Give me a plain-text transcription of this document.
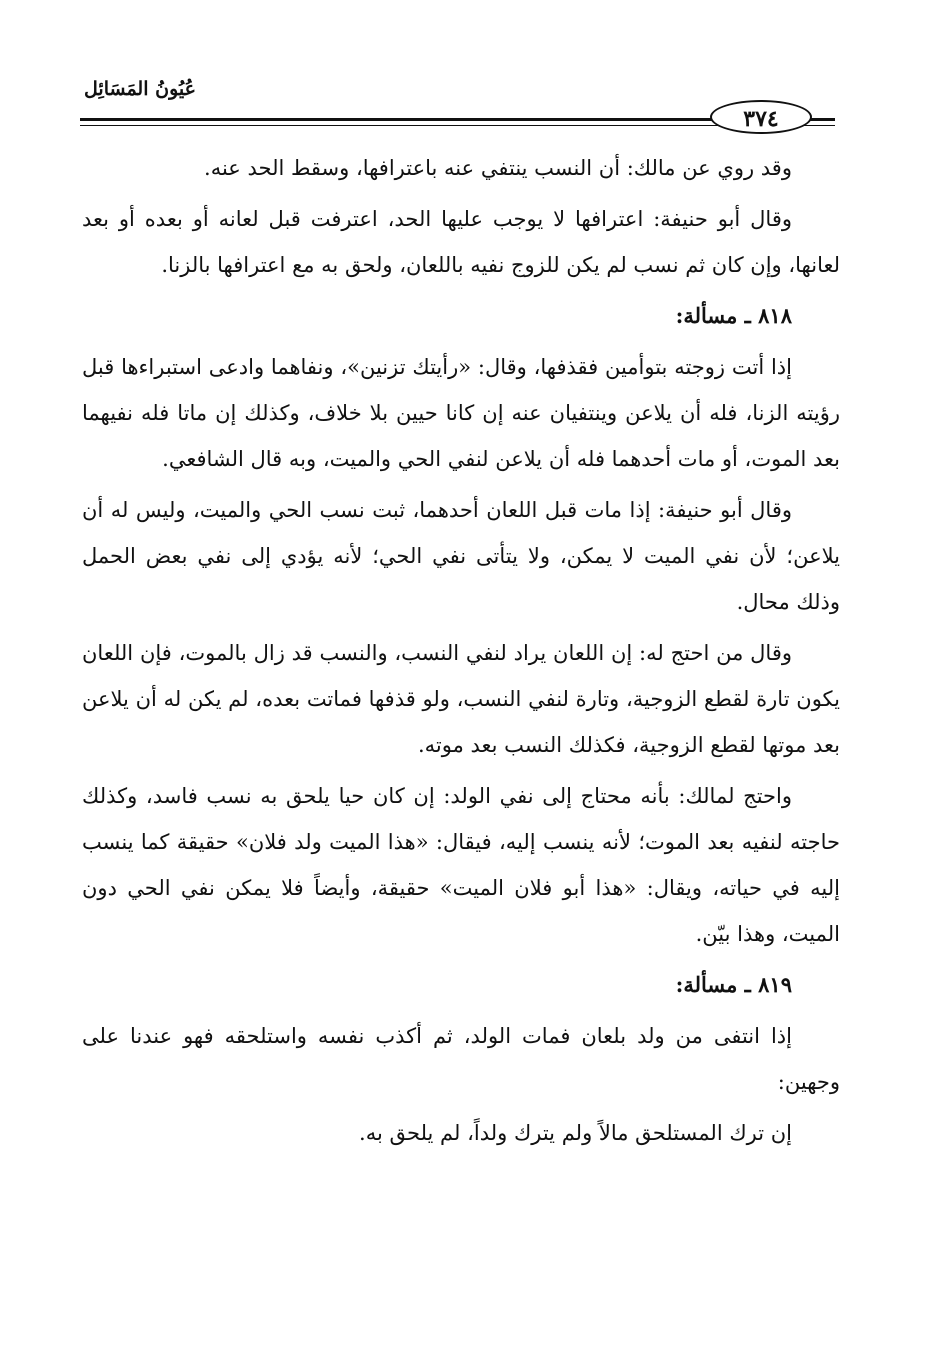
عُيُونُ المَسَائِل
٣٧٤

وقد روي عن مالك: أن النسب ينتفي عنه باعترافها، وسقط الحد عنه.

وقال أبو حنيفة: اعترافها لا يوجب عليها الحد، اعترفت قبل لعانه أو بعده أو بعد لعانها، وإن كان ثم نسب لم يكن للزوج نفيه باللعان، ولحق به مع اعترافها بالزنا.

٨١٨ ـ مسألة:

إذا أتت زوجته بتوأمين فقذفها، وقال: «رأيتك تزنين»، ونفاهما وادعى استبراءها قبل رؤيته الزنا، فله أن يلاعن وينتفيان عنه إن كانا حيين بلا خلاف، وكذلك إن ماتا فله نفيهما بعد الموت، أو مات أحدهما فله أن يلاعن لنفي الحي والميت، وبه قال الشافعي.

وقال أبو حنيفة: إذا مات قبل اللعان أحدهما، ثبت نسب الحي والميت، وليس له أن يلاعن؛ لأن نفي الميت لا يمكن، ولا يتأتى نفي الحي؛ لأنه يؤدي إلى نفي بعض الحمل وذلك محال.

وقال من احتج له: إن اللعان يراد لنفي النسب، والنسب قد زال بالموت، فإن اللعان يكون تارة لقطع الزوجية، وتارة لنفي النسب، ولو قذفها فماتت بعده، لم يكن له أن يلاعن بعد موتها لقطع الزوجية، فكذلك النسب بعد موته.

واحتج لمالك: بأنه محتاج إلى نفي الولد: إن كان حيا يلحق به نسب فاسد، وكذلك حاجته لنفيه بعد الموت؛ لأنه ينسب إليه، فيقال: «هذا الميت ولد فلان» حقيقة كما ينسب إليه في حياته، ويقال: «هذا أبو فلان الميت» حقيقة، وأيضاً فلا يمكن نفي الحي دون الميت، وهذا بيّن.

٨١٩ ـ مسألة:

إذا انتفى من ولد بلعان فمات الولد، ثم أكذب نفسه واستلحقه فهو عندنا على وجهين:

إن ترك المستلحق مالاً ولم يترك ولداً، لم يلحق به.
